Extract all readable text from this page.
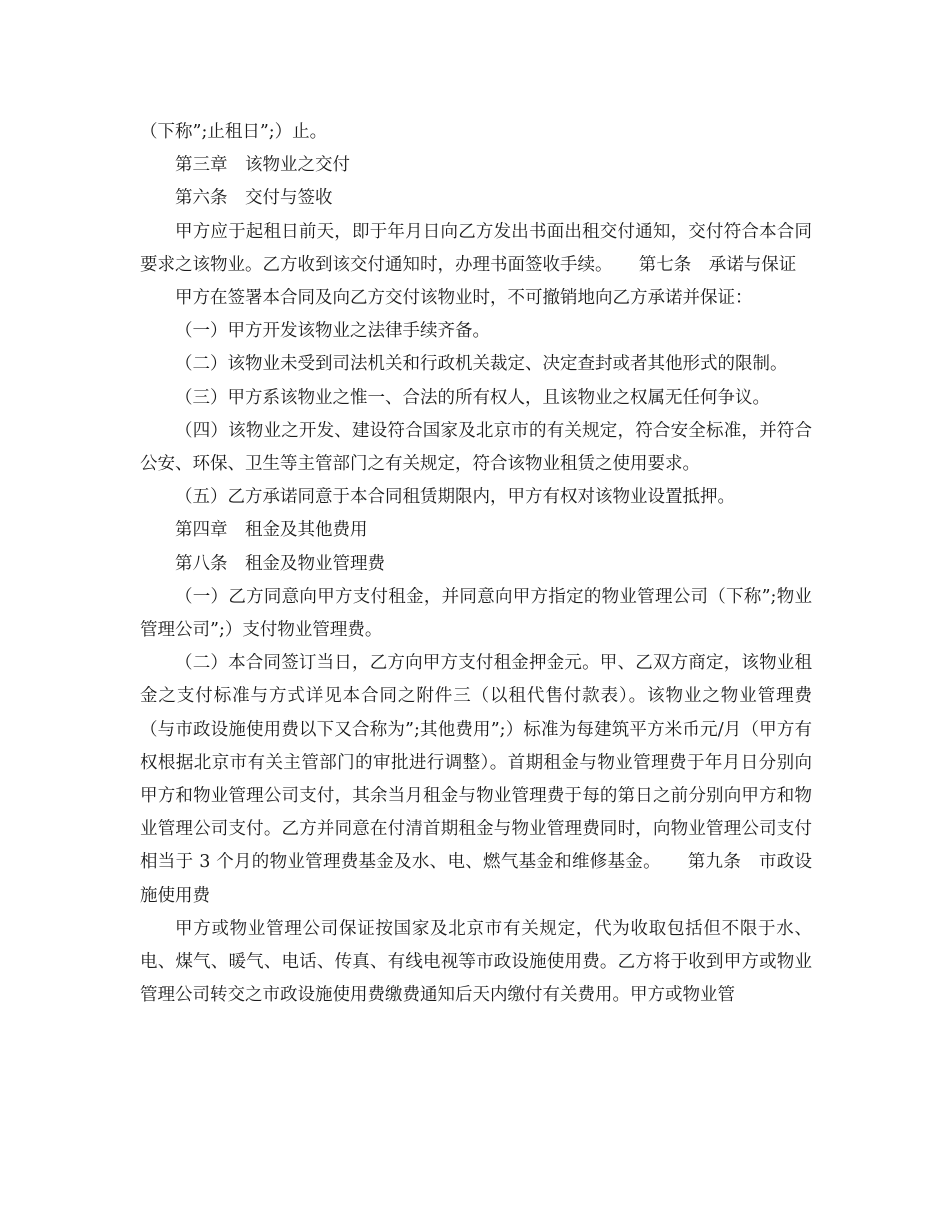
（下称”;止租日”;）止。

第三章　该物业之交付

第六条　交付与签收

甲方应于起租日前天，即于年月日向乙方发出书面出租交付通知，交付符合本合同要求之该物业。乙方收到该交付通知时，办理书面签收手续。　　第七条　承诺与保证

甲方在签署本合同及向乙方交付该物业时，不可撤销地向乙方承诺并保证：

（一）甲方开发该物业之法律手续齐备。

（二）该物业未受到司法机关和行政机关裁定、决定查封或者其他形式的限制。

（三）甲方系该物业之惟一、合法的所有权人，且该物业之权属无任何争议。

（四）该物业之开发、建设符合国家及北京市的有关规定，符合安全标准，并符合公安、环保、卫生等主管部门之有关规定，符合该物业租赁之使用要求。

（五）乙方承诺同意于本合同租赁期限内，甲方有权对该物业设置抵押。

第四章　租金及其他费用

第八条　租金及物业管理费

（一）乙方同意向甲方支付租金，并同意向甲方指定的物业管理公司（下称”;物业管理公司”;）支付物业管理费。

（二）本合同签订当日，乙方向甲方支付租金押金元。甲、乙双方商定，该物业租金之支付标准与方式详见本合同之附件三（以租代售付款表）。该物业之物业管理费（与市政设施使用费以下又合称为”;其他费用”;）标准为每建筑平方米币元/月（甲方有权根据北京市有关主管部门的审批进行调整）。首期租金与物业管理费于年月日分别向甲方和物业管理公司支付，其余当月租金与物业管理费于每的第日之前分别向甲方和物业管理公司支付。乙方并同意在付清首期租金与物业管理费同时，向物业管理公司支付相当于 3 个月的物业管理费基金及水、电、燃气基金和维修基金。　　第九条　市政设施使用费

甲方或物业管理公司保证按国家及北京市有关规定，代为收取包括但不限于水、电、煤气、暖气、电话、传真、有线电视等市政设施使用费。乙方将于收到甲方或物业管理公司转交之市政设施使用费缴费通知后天内缴付有关费用。甲方或物业管
